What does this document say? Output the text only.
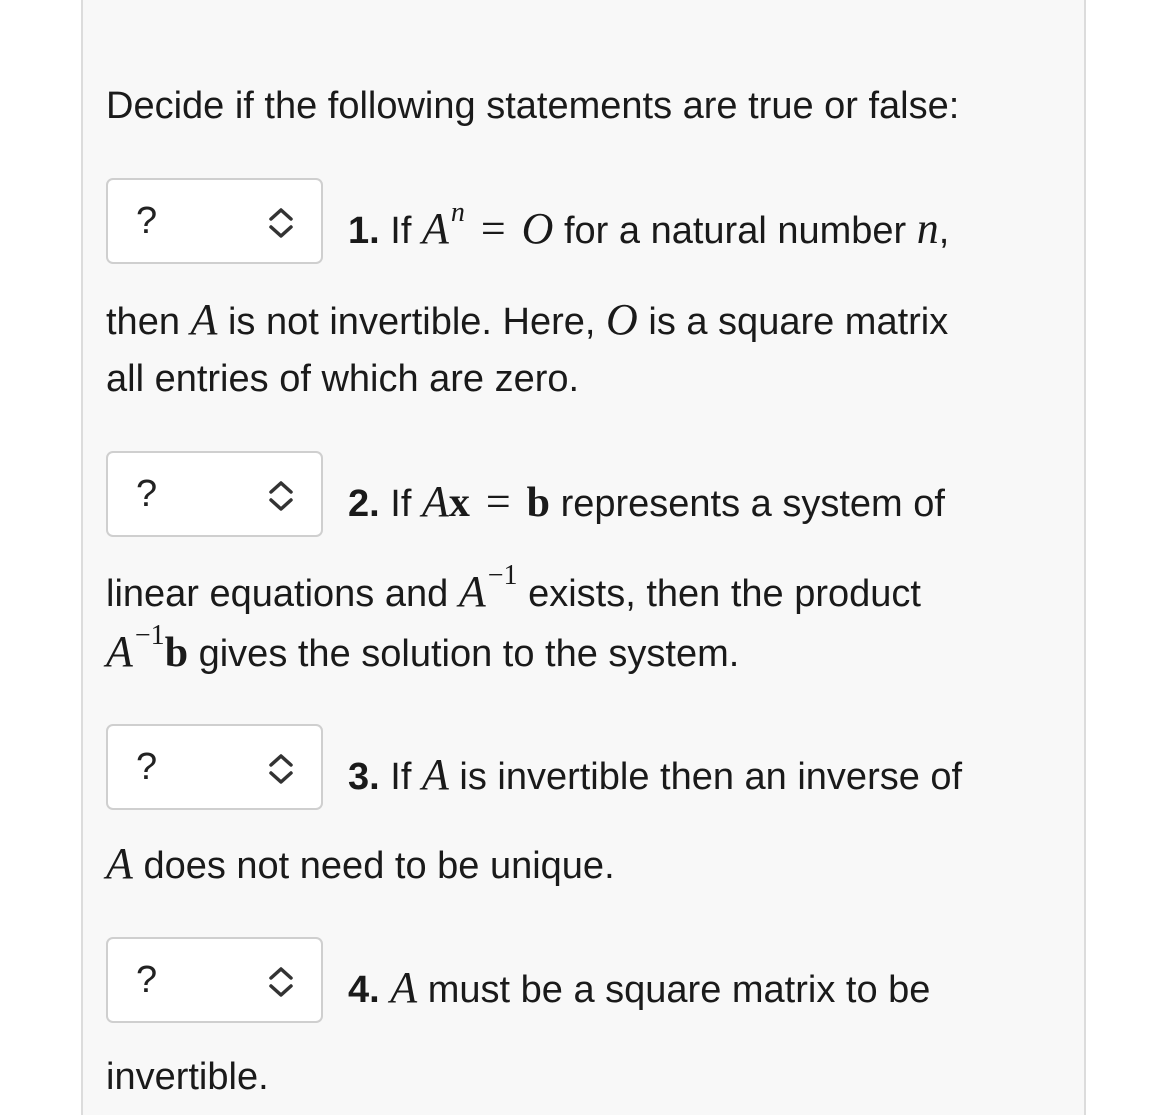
Decide if the following statements are true or false:
?	1. If $A^n = O$ for a natural number n,
then A is not invertible. Here, O is a square matrix
all entries of which are zero.
?	2. If Ax = b represents a system of
linear equations and $A^{-1}$ exists, then the product
$A^{-1}b$ gives the solution to the system.
?	3. If A is invertible then an inverse of
A does not need to be unique.
?	4. A must be a square matrix to be
invertible.
